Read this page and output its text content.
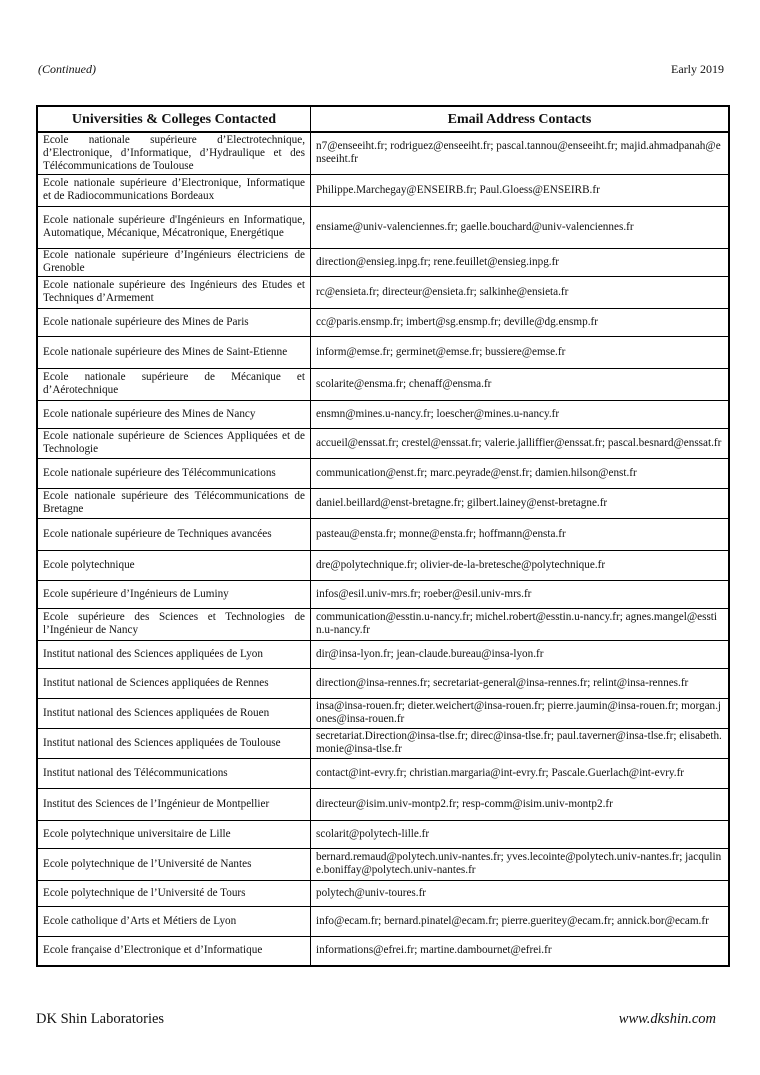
(Continued)	Early 2019
Universities & Colleges Contacted	Email Address Contacts
Ecole nationale supérieure d’Electrotechnique, d’Electronique, d’Informatique, d’Hydraulique et des Télécommunications de Toulouse	n7@enseeiht.fr; rodriguez@enseeiht.fr; pascal.tannou@enseeiht.fr; majid.ahmadpanah@enseeiht.fr
Ecole nationale supérieure d’Electronique, Informatique et de Radiocommunications Bordeaux	Philippe.Marchegay@ENSEIRB.fr; Paul.Gloess@ENSEIRB.fr
Ecole nationale supérieure d'Ingénieurs en Informatique, Automatique, Mécanique, Mécatronique, Energétique	ensiame@univ-valenciennes.fr; gaelle.bouchard@univ-valenciennes.fr
Ecole nationale supérieure d’Ingénieurs électriciens de Grenoble	direction@ensieg.inpg.fr; rene.feuillet@ensieg.inpg.fr
Ecole nationale supérieure des Ingénieurs des Etudes et Techniques d’Armement	rc@ensieta.fr; directeur@ensieta.fr; salkinhe@ensieta.fr
Ecole nationale supérieure des Mines de Paris	cc@paris.ensmp.fr; imbert@sg.ensmp.fr; deville@dg.ensmp.fr
Ecole nationale supérieure des Mines de Saint-Etienne	inform@emse.fr; germinet@emse.fr; bussiere@emse.fr
Ecole nationale supérieure de Mécanique et d’Aérotechnique	scolarite@ensma.fr; chenaff@ensma.fr
Ecole nationale supérieure des Mines de Nancy	ensmn@mines.u-nancy.fr; loescher@mines.u-nancy.fr
Ecole nationale supérieure de Sciences Appliquées et de Technologie	accueil@enssat.fr; crestel@enssat.fr; valerie.jalliffier@enssat.fr; pascal.besnard@enssat.fr
Ecole nationale supérieure des Télécommunications	communication@enst.fr; marc.peyrade@enst.fr; damien.hilson@enst.fr
Ecole nationale supérieure des Télécommunications de Bretagne	daniel.beillard@enst-bretagne.fr; gilbert.lainey@enst-bretagne.fr
Ecole nationale supérieure de Techniques avancées	pasteau@ensta.fr; monne@ensta.fr; hoffmann@ensta.fr
Ecole polytechnique	dre@polytechnique.fr; olivier-de-la-bretesche@polytechnique.fr
Ecole supérieure d’Ingénieurs de Luminy	infos@esil.univ-mrs.fr; roeber@esil.univ-mrs.fr
Ecole supérieure des Sciences et Technologies de l’Ingénieur de Nancy	communication@esstin.u-nancy.fr; michel.robert@esstin.u-nancy.fr; agnes.mangel@esstin.u-nancy.fr
Institut national des Sciences appliquées de Lyon	dir@insa-lyon.fr; jean-claude.bureau@insa-lyon.fr
Institut national de Sciences appliquées de Rennes	direction@insa-rennes.fr; secretariat-general@insa-rennes.fr; relint@insa-rennes.fr
Institut national des Sciences appliquées de Rouen	insa@insa-rouen.fr; dieter.weichert@insa-rouen.fr; pierre.jaumin@insa-rouen.fr; morgan.jones@insa-rouen.fr
Institut national des Sciences appliquées de Toulouse	secretariat.Direction@insa-tlse.fr; direc@insa-tlse.fr; paul.taverner@insa-tlse.fr; elisabeth.monie@insa-tlse.fr
Institut national des Télécommunications	contact@int-evry.fr; christian.margaria@int-evry.fr; Pascale.Guerlach@int-evry.fr
Institut des Sciences de l’Ingénieur de Montpellier	directeur@isim.univ-montp2.fr; resp-comm@isim.univ-montp2.fr
Ecole polytechnique universitaire de Lille	scolarit@polytech-lille.fr
Ecole polytechnique de l’Université de Nantes	bernard.remaud@polytech.univ-nantes.fr; yves.lecointe@polytech.univ-nantes.fr; jacquline.boniffay@polytech.univ-nantes.fr
Ecole polytechnique de l’Université de Tours	polytech@univ-toures.fr
Ecole catholique d’Arts et Métiers de Lyon	info@ecam.fr; bernard.pinatel@ecam.fr; pierre.gueritey@ecam.fr; annick.bor@ecam.fr
Ecole française d’Electronique et d’Informatique	informations@efrei.fr; martine.dambournet@efrei.fr
DK Shin Laboratories	www.dkshin.com
